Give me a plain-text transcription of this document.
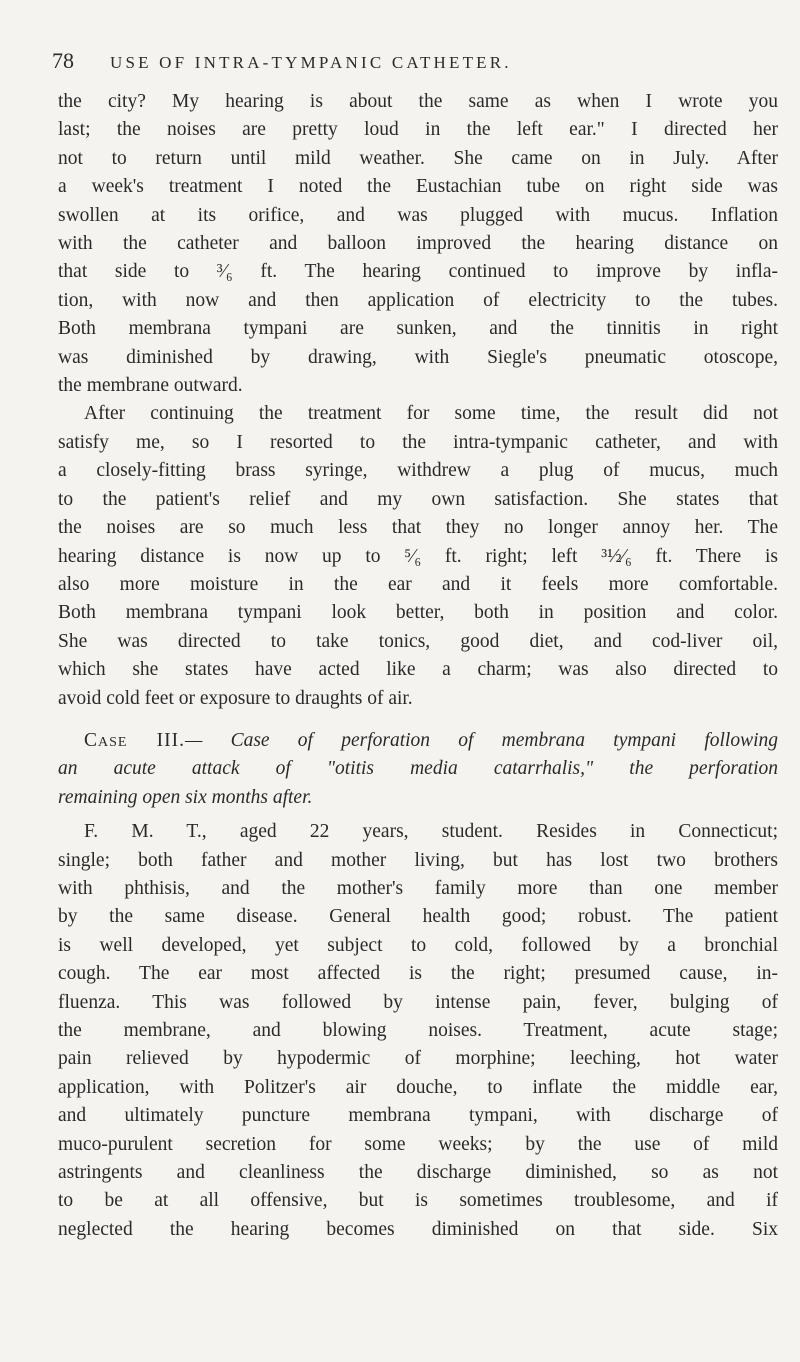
78 USE OF INTRA-TYMPANIC CATHETER.

the city? My hearing is about the same as when I wrote you

last; the noises are pretty loud in the left ear." I directed her

not to return until mild weather. She came on in July. After

a week's treatment I noted the Eustachian tube on right side was

swollen at its orifice, and was plugged with mucus. Inflation

with the catheter and balloon improved the hearing distance on

that side to ³⁄₆ ft. The hearing continued to improve by infla-

tion, with now and then application of electricity to the tubes.

Both membrana tympani are sunken, and the tinnitis in right

was diminished by drawing, with Siegle's pneumatic otoscope,

the membrane outward.

After continuing the treatment for some time, the result did not

satisfy me, so I resorted to the intra-tympanic catheter, and with

a closely-fitting brass syringe, withdrew a plug of mucus, much

to the patient's relief and my own satisfaction. She states that

the noises are so much less that they no longer annoy her. The

hearing distance is now up to ⁵⁄₆ ft. right; left ³½⁄₆ ft. There is

also more moisture in the ear and it feels more comfortable.

Both membrana tympani look better, both in position and color.

She was directed to take tonics, good diet, and cod-liver oil,

which she states have acted like a charm; was also directed to

avoid cold feet or exposure to draughts of air.

Case III.— Case of perforation of membrana tympani following

an acute attack of "otitis media catarrhalis," the perforation

remaining open six months after.

F. M. T., aged 22 years, student. Resides in Connecticut;

single; both father and mother living, but has lost two brothers

with phthisis, and the mother's family more than one member

by the same disease. General health good; robust. The patient

is well developed, yet subject to cold, followed by a bronchial

cough. The ear most affected is the right; presumed cause, in-

fluenza. This was followed by intense pain, fever, bulging of

the membrane, and blowing noises. Treatment, acute stage;

pain relieved by hypodermic of morphine; leeching, hot water

application, with Politzer's air douche, to inflate the middle ear,

and ultimately puncture membrana tympani, with discharge of

muco-purulent secretion for some weeks; by the use of mild

astringents and cleanliness the discharge diminished, so as not

to be at all offensive, but is sometimes troublesome, and if

neglected the hearing becomes diminished on that side. Six
